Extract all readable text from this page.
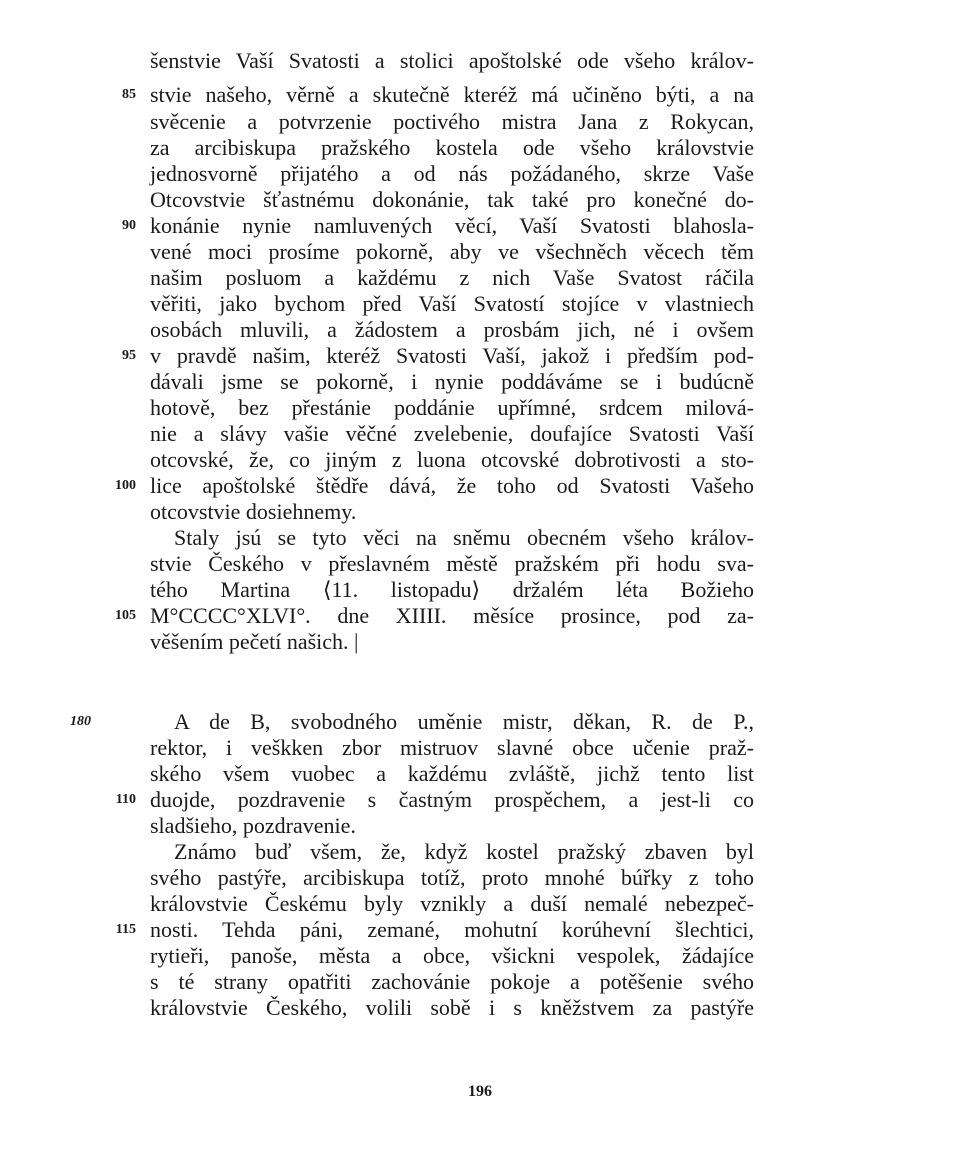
šenstvie Vaší Svatosti a stolici apoštolské ode všeho králov-
stvie našeho, věrně a skutečně kteréž má učiněno býti, a na
svěcenie a potvrzenie poctivého mistra Jana z Rokycan,
za arcibiskupa pražského kostela ode všeho královstvie
jednosvorně přijatého a od nás požádaného, skrze Vaše
Otcovstvie šťastnému dokonánie, tak také pro konečné do-
konánie nynie namluvených věcí, Vaší Svatosti blahosla-
vené moci prosíme pokorně, aby ve všechněch věcech těm
našim posluom a každému z nich Vaše Svatost ráčila
věřiti, jako bychom před Vaší Svatostí stojíce v vlastniech
osobách mluvili, a žádostem a prosbám jich, né i ovšem
v pravdě našim, kteréž Svatosti Vaší, jakož i předším pod-
dávali jsme se pokorně, i nynie poddáváme se i budúcně
hotově, bez přestánie poddánie upřímné, srdcem milová-
nie a slávy vašie věčné zvelebenie, doufajíce Svatosti Vaší
otcovské, že, co jiným z luona otcovské dobrotivosti a sto-
lice apoštolské štědře dává, že toho od Svatosti Vašeho
otcovstvie dosiehnemy.
Staly jsú se tyto věci na sněmu obecném všeho králov-
stvie Českého v přeslavném městě pražském při hodu sva-
tého Martina ⟨11. listopadu⟩ držalém léta Božieho
M°CCCC°XLVI°. dne XIIII. měsíce prosince, pod za-
věšením pečetí našich. |
180	A de B, svobodného uměnie mistr, děkan, R. de P.,
rektor, i veškken zbor mistruov slavné obce učenie praž-
ského všem vuobec a každému zvláště, jichž tento list
duojde, pozdravenie s častným prospěchem, a jest-li co
sladšieho, pozdravenie.
Známo buď všem, že, když kostel pražský zbaven byl
svého pastýře, arcibiskupa totíž, proto mnohé búřky z toho
královstvie Českému byly vznikly a duší nemalé nebezpeč-
nosti. Tehda páni, zemané, mohutní korúhevní šlechtici,
rytieři, panoše, města a obce, všickni vespolek, žádajíce
s té strany opatřiti zachovánie pokoje a potěšenie svého
královstvie Českého, volili sobě i s kněžstvem za pastýře
85
90
95
100
105
110
115
196
